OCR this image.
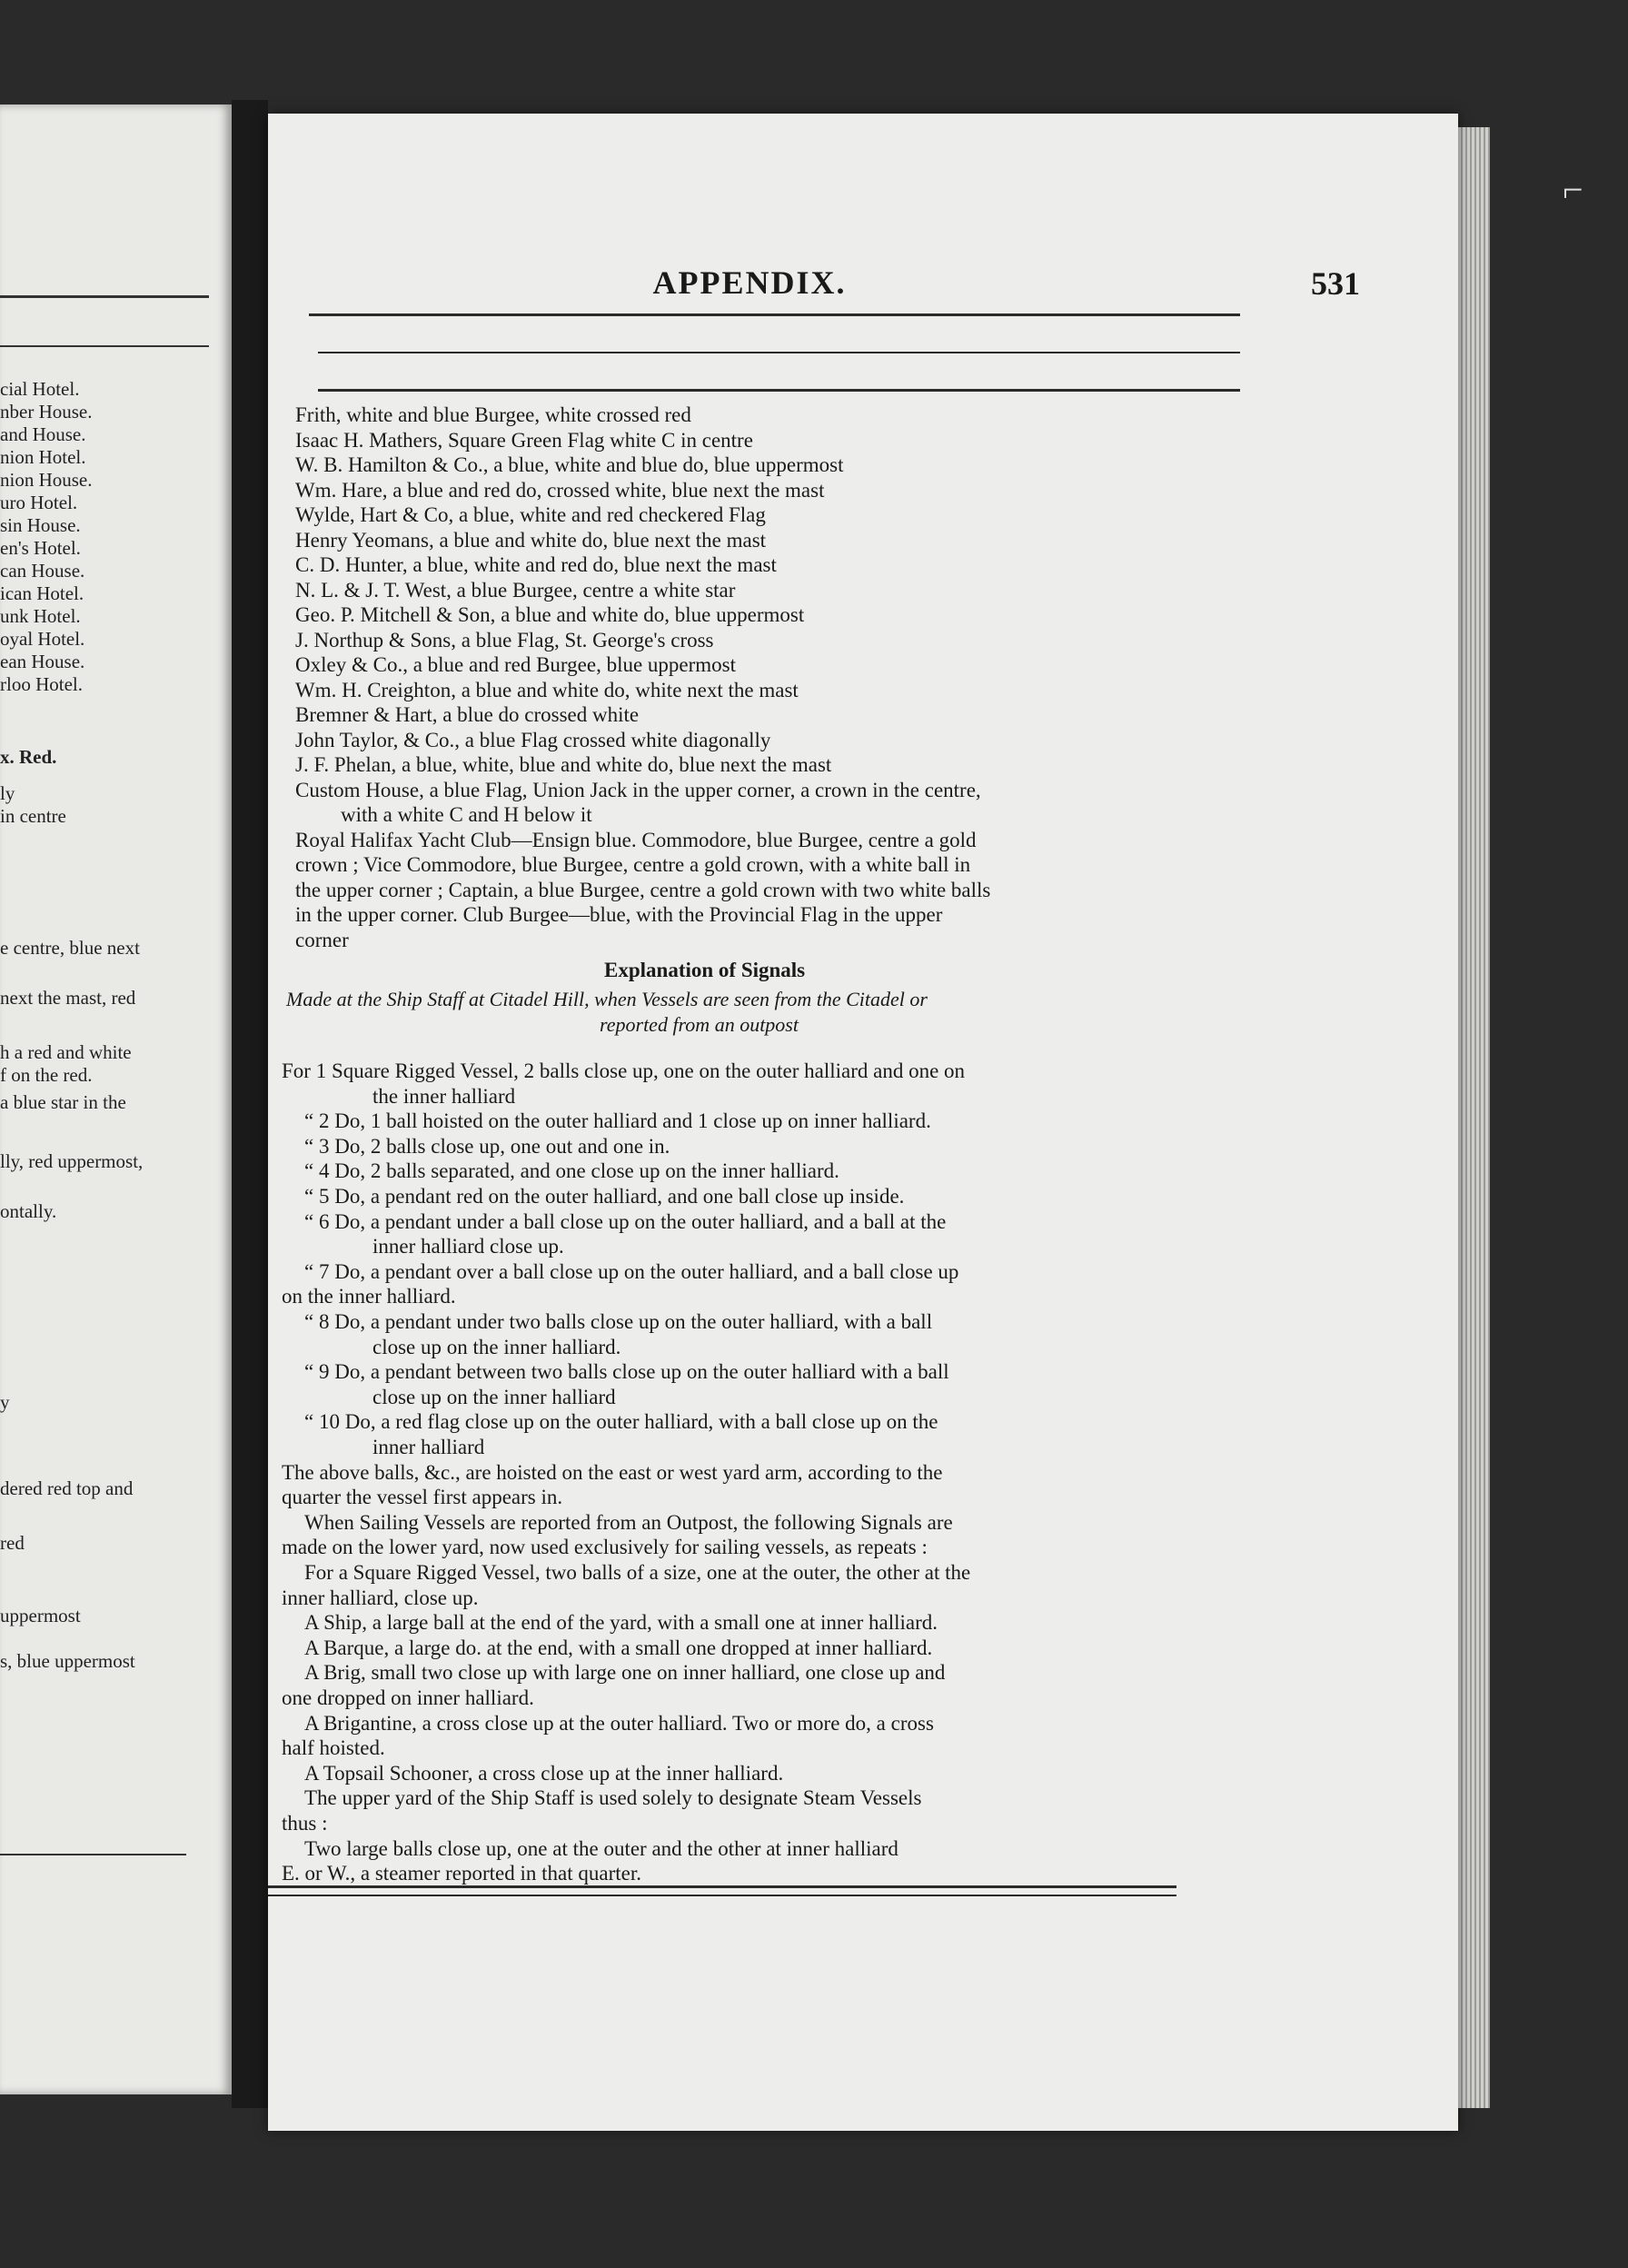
cial Hotel.
nber House.
and House.
nion Hotel.
nion House.
uro Hotel.
sin House.
en's Hotel.
can House.
ican Hotel.
unk Hotel.
oyal Hotel.
ean House.
rloo Hotel.
x. Red.
ly
in centre
e centre, blue next
next the mast, red
h a red and white
f on the red.
a blue star in the
lly, red uppermost,
ontally.
y
dered red top and
red
uppermost
s, blue uppermost
APPENDIX.	531
Frith, white and blue Burgee, white crossed red
Isaac H. Mathers, Square Green Flag white C in centre
W. B. Hamilton & Co., a blue, white and blue do, blue uppermost
Wm. Hare, a blue and red do, crossed white, blue next the mast
Wylde, Hart & Co, a blue, white and red checkered Flag
Henry Yeomans, a blue and white do, blue next the mast
C. D. Hunter, a blue, white and red do, blue next the mast
N. L. & J. T. West, a blue Burgee, centre a white star
Geo. P. Mitchell & Son, a blue and white do, blue uppermost
J. Northup & Sons, a blue Flag, St. George's cross
Oxley & Co., a blue and red Burgee, blue uppermost
Wm. H. Creighton, a blue and white do, white next the mast
Bremner & Hart, a blue do crossed white
John Taylor, & Co., a blue Flag crossed white diagonally
J. F. Phelan, a blue, white, blue and white do, blue next the mast
Custom House, a blue Flag, Union Jack in the upper corner, a crown in the centre,
with a white C and H below it
Royal Halifax Yacht Club—Ensign blue. Commodore, blue Burgee, centre a gold
crown ; Vice Commodore, blue Burgee, centre a gold crown, with a white ball in
the upper corner ; Captain, a blue Burgee, centre a gold crown with two white balls
in the upper corner. Club Burgee—blue, with the Provincial Flag in the upper
corner
Explanation of Signals
Made at the Ship Staff at Citadel Hill, when Vessels are seen from the Citadel or
reported from an outpost
For 1 Square Rigged Vessel, 2 balls close up, one on the outer halliard and one on
the inner halliard
“ 2 Do, 1 ball hoisted on the outer halliard and 1 close up on inner halliard.
“ 3 Do, 2 balls close up, one out and one in.
“ 4 Do, 2 balls separated, and one close up on the inner halliard.
“ 5 Do, a pendant red on the outer halliard, and one ball close up inside.
“ 6 Do, a pendant under a ball close up on the outer halliard, and a ball at the
inner halliard close up.
“ 7 Do, a pendant over a ball close up on the outer halliard, and a ball close up
on the inner halliard.
“ 8 Do, a pendant under two balls close up on the outer halliard, with a ball
close up on the inner halliard.
“ 9 Do, a pendant between two balls close up on the outer halliard with a ball
close up on the inner halliard
“ 10 Do, a red flag close up on the outer halliard, with a ball close up on the
inner halliard
The above balls, &c., are hoisted on the east or west yard arm, according to the
quarter the vessel first appears in.
When Sailing Vessels are reported from an Outpost, the following Signals are
made on the lower yard, now used exclusively for sailing vessels, as repeats :
For a Square Rigged Vessel, two balls of a size, one at the outer, the other at the
inner halliard, close up.
A Ship, a large ball at the end of the yard, with a small one at inner halliard.
A Barque, a large do. at the end, with a small one dropped at inner halliard.
A Brig, small two close up with large one on inner halliard, one close up and
one dropped on inner halliard.
A Brigantine, a cross close up at the outer halliard. Two or more do, a cross
half hoisted.
A Topsail Schooner, a cross close up at the inner halliard.
The upper yard of the Ship Staff is used solely to designate Steam Vessels
thus :
Two large balls close up, one at the outer and the other at inner halliard
E. or W., a steamer reported in that quarter.
⌐
